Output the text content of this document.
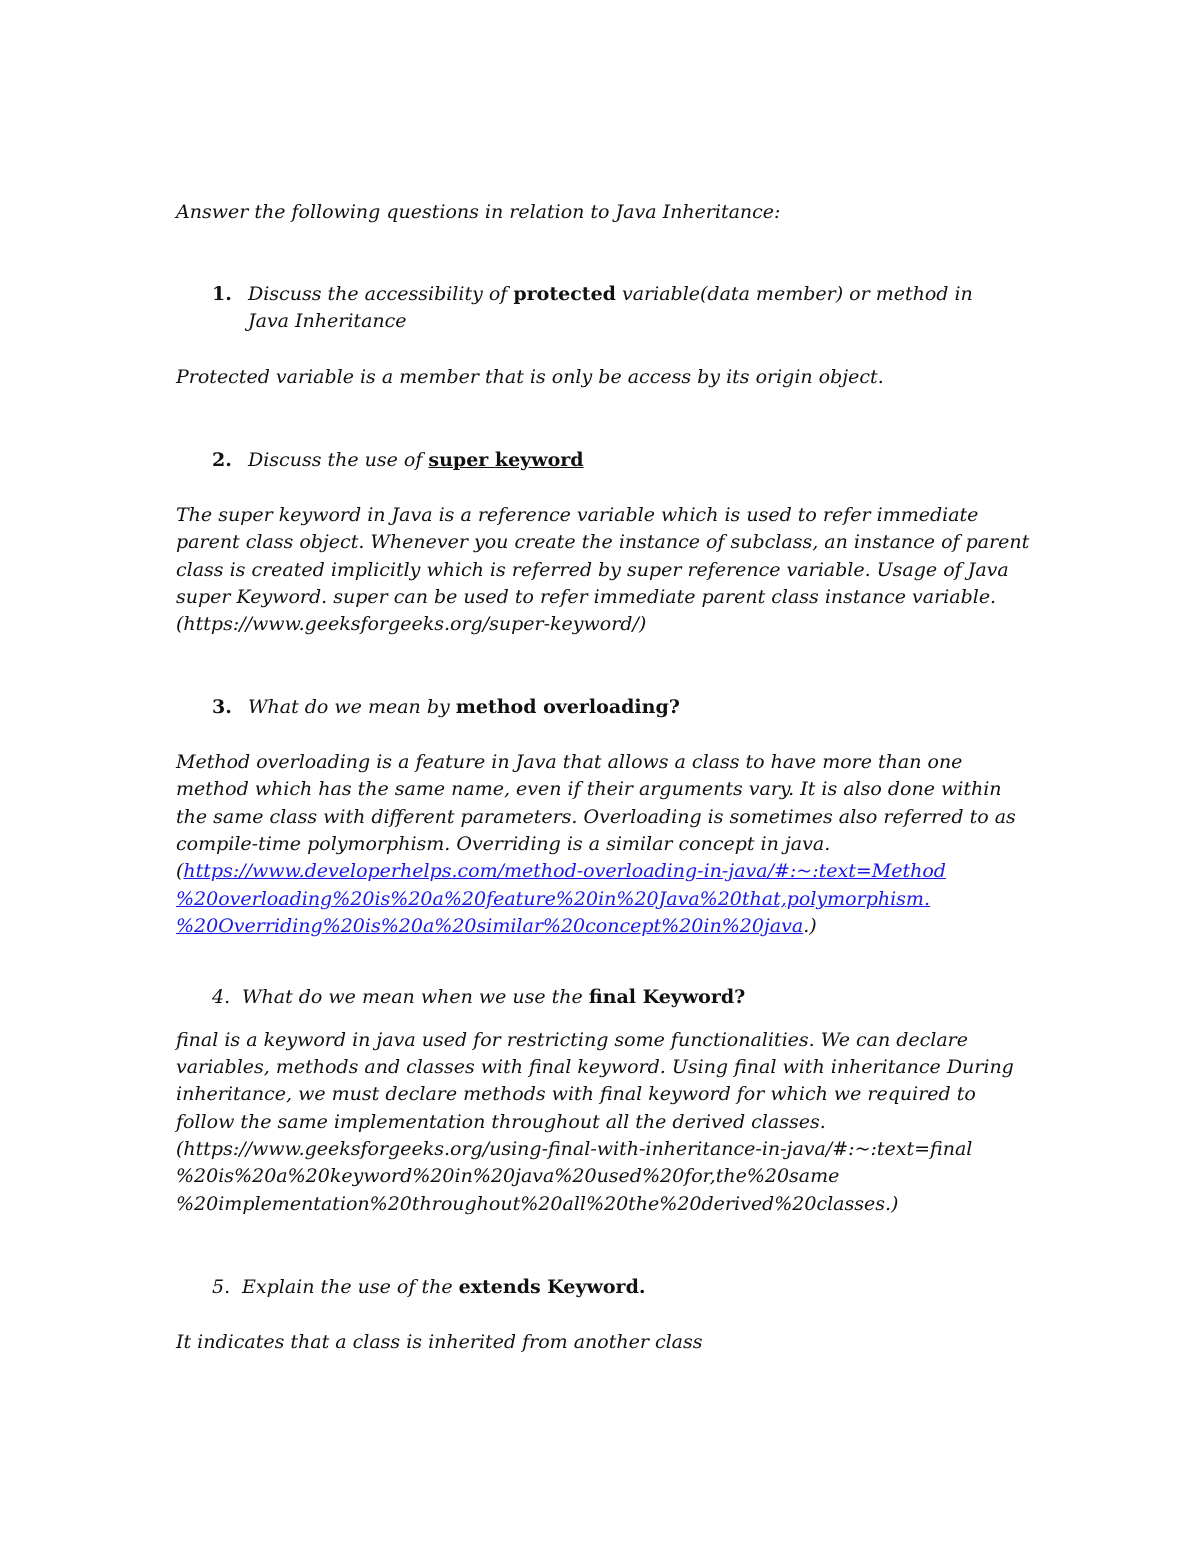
Answer the following questions in relation to Java Inheritance:
1. Discuss the accessibility of protected variable(data member) or method in
Java Inheritance
Protected variable is a member that is only be access by its origin object.
2. Discuss the use of super keyword
The super keyword in Java is a reference variable which is used to refer immediate
parent class object. Whenever you create the instance of subclass, an instance of parent
class is created implicitly which is referred by super reference variable. Usage of Java
super Keyword. super can be used to refer immediate parent class instance variable.
(https://www.geeksforgeeks.org/super-keyword/)
3. What do we mean by method overloading?
Method overloading is a feature in Java that allows a class to have more than one
method which has the same name, even if their arguments vary. It is also done within
the same class with different parameters. Overloading is sometimes also referred to as
compile-time polymorphism. Overriding is a similar concept in java.
(https://www.developerhelps.com/method-overloading-in-java/#:~:text=Method
%20overloading%20is%20a%20feature%20in%20Java%20that,polymorphism.
%20Overriding%20is%20a%20similar%20concept%20in%20java.)
4. What do we mean when we use the final Keyword?
final is a keyword in java used for restricting some functionalities. We can declare
variables, methods and classes with final keyword. Using final with inheritance During
inheritance, we must declare methods with final keyword for which we required to
follow the same implementation throughout all the derived classes.
(https://www.geeksforgeeks.org/using-final-with-inheritance-in-java/#:~:text=final
%20is%20a%20keyword%20in%20java%20used%20for,the%20same
%20implementation%20throughout%20all%20the%20derived%20classes.)
5. Explain the use of the extends Keyword.
It indicates that a class is inherited from another class
